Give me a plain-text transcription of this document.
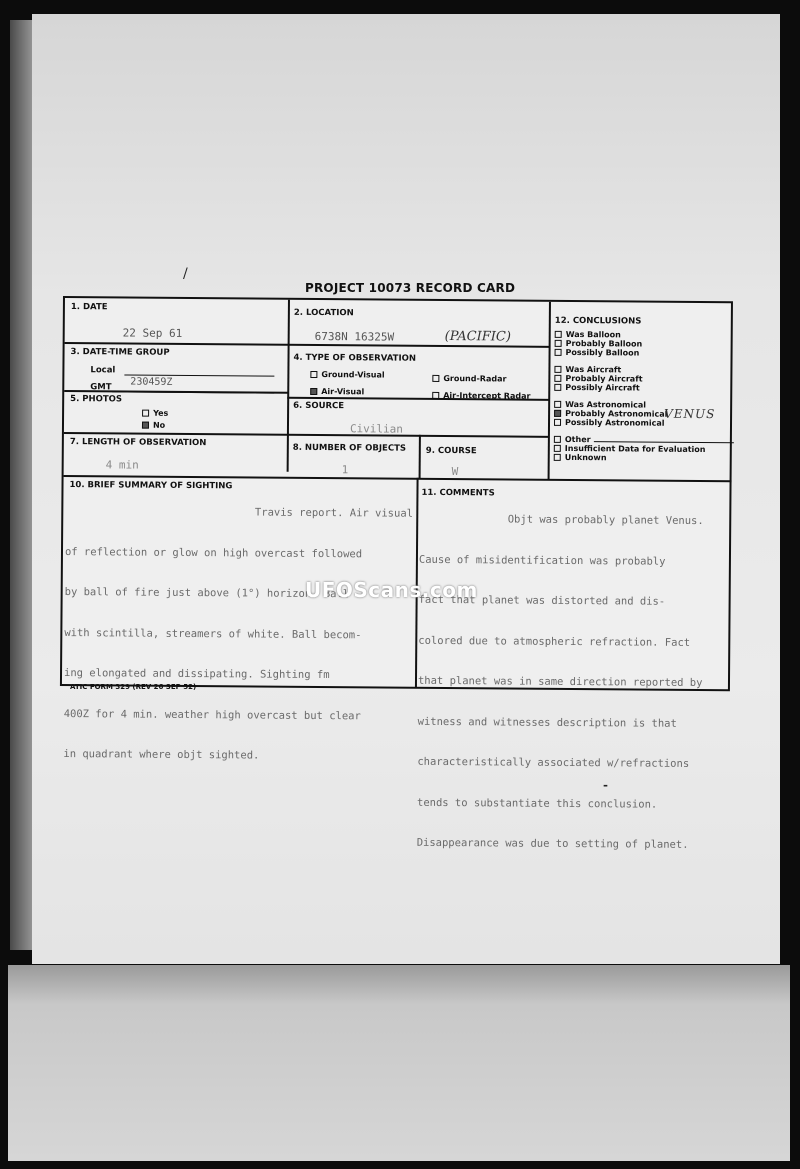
/
-
PROJECT 10073 RECORD CARD
1. DATE
22 Sep 61
2. LOCATION
6738N 16325W	(PACIFIC)
3. DATE-TIME GROUP
Local
GMT 230459Z
5. PHOTOS
Yes
No
4. TYPE OF OBSERVATION
Ground-Visual	Ground-Radar
Air-Visual	Air-Intercept Radar
6. SOURCE
Civilian
7. LENGTH OF OBSERVATION
4 min
8. NUMBER OF OBJECTS
1
9. COURSE
W
12. CONCLUSIONS
Was Balloon
Probably Balloon
Possibly Balloon
Was Aircraft
Probably Aircraft
Possibly Aircraft
Was Astronomical
Probably Astronomical
Possibly Astronomical
Other
Insufficient Data for Evaluation
Unknown
VENUS
10. BRIEF SUMMARY OF SIGHTING

Travis report. Air visual

of reflection or glow on high overcast followed

by ball of fire just above (1°) horizon. Ball

with scintilla, streamers of white. Ball becom-

ing elongated and dissipating. Sighting fm

400Z for 4 min. weather high overcast but clear

in quadrant where objt sighted.

11. COMMENTS

Objt was probably planet Venus.

Cause of misidentification was probably

fact that planet was distorted and dis-

colored due to atmospheric refraction. Fact

that planet was in same direction reported by

witness and witnesses description is that

characteristically associated w/refractions

tends to substantiate this conclusion.

Disappearance was due to setting of planet.

UFOScans.com
ATIC FORM 329 (REV 26 SEP 52)
